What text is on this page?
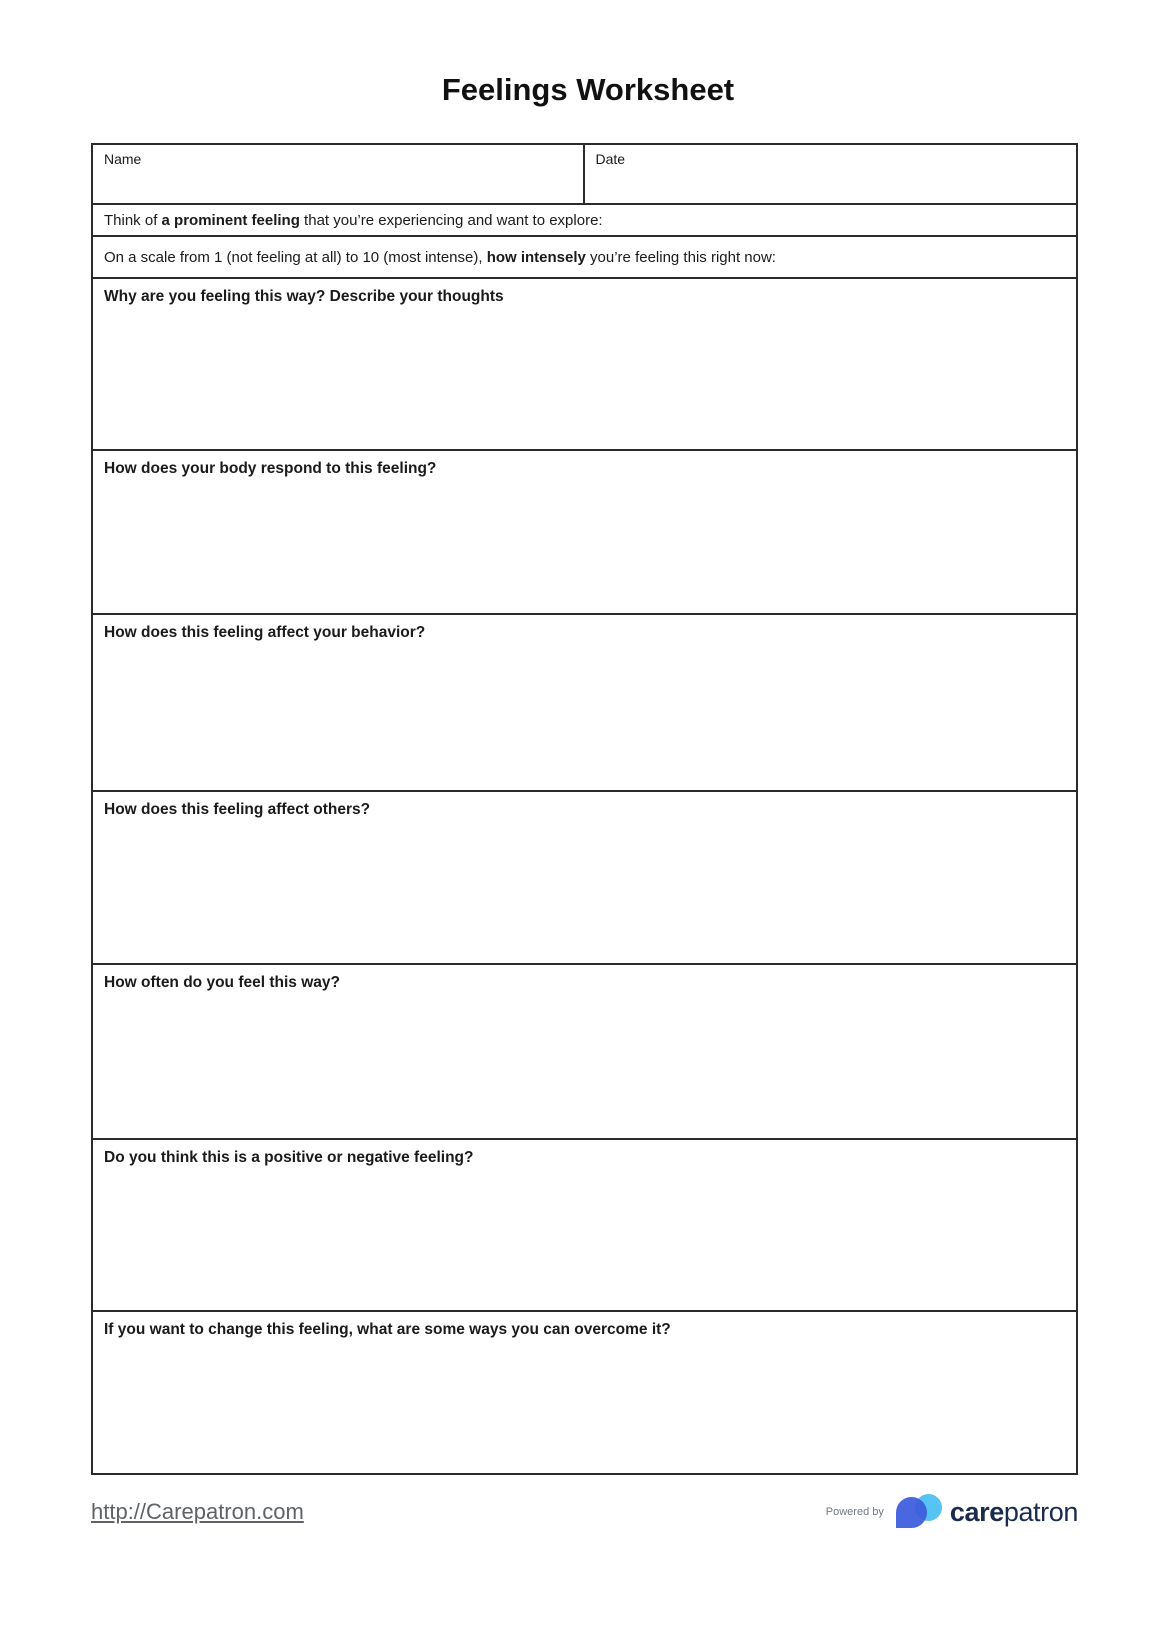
Feelings Worksheet
Name	Date
Think of a prominent feeling that you’re experiencing and want to explore:
On a scale from 1 (not feeling at all) to 10 (most intense), how intensely you’re feeling this right now:
Why are you feeling this way? Describe your thoughts
How does your body respond to this feeling?
How does this feeling affect your behavior?
How does this feeling affect others?
How often do you feel this way?
Do you think this is a positive or negative feeling?
If you want to change this feeling, what are some ways you can overcome it?
http://Carepatron.com	Powered by carepatron
